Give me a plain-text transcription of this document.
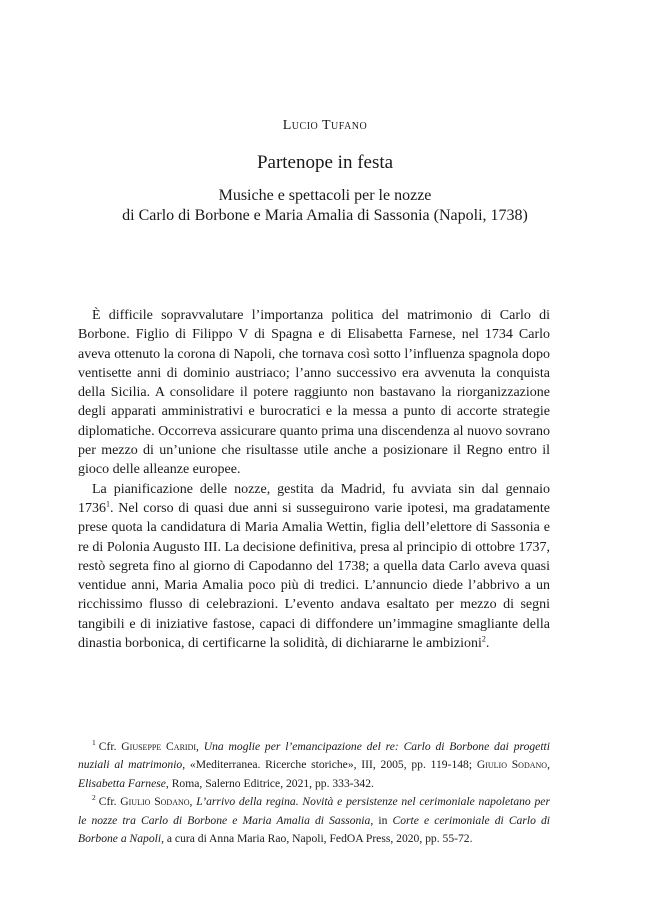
Lucio Tufano
Partenope in festa
Musiche e spettacoli per le nozze
di Carlo di Borbone e Maria Amalia di Sassonia (Napoli, 1738)

È difficile sopravvalutare l’importanza politica del matrimonio di Carlo di Borbone. Figlio di Filippo V di Spagna e di Elisabetta Farnese, nel 1734 Carlo aveva ottenuto la corona di Napoli, che tornava così sotto l’influenza spagnola dopo ventisette anni di dominio austriaco; l’anno successivo era avvenuta la conquista della Sicilia. A consolidare il potere raggiunto non bastavano la riorganizzazione degli apparati amministrativi e burocratici e la messa a punto di accorte strategie diplomatiche. Occorreva assicurare quanto prima una discendenza al nuovo sovrano per mezzo di un’unione che risultasse utile anche a posizionare il Regno entro il gioco delle alleanze europee.

La pianificazione delle nozze, gestita da Madrid, fu avviata sin dal gennaio 1736$^1$. Nel corso di quasi due anni si susseguirono varie ipotesi, ma gradatamente prese quota la candidatura di Maria Amalia Wettin, figlia dell’elettore di Sassonia e re di Polonia Augusto III. La decisione definitiva, presa al principio di ottobre 1737, restò segreta fino al giorno di Capodanno del 1738; a quella data Carlo aveva quasi ventidue anni, Maria Amalia poco più di tredici. L’annuncio diede l’abbrivo a un ricchissimo flusso di celebrazioni. L’evento andava esaltato per mezzo di segni tangibili e di iniziative fastose, capaci di diffondere un’immagine smagliante della dinastia borbonica, di certificarne la solidità, di dichiararne le ambizioni$^2$.

$^1$ Cfr. Giuseppe Caridi, Una moglie per l’emancipazione del re: Carlo di Borbone dai progetti nuziali al matrimonio, «Mediterranea. Ricerche storiche», III, 2005, pp. 119-148; Giulio Sodano, Elisabetta Farnese, Roma, Salerno Editrice, 2021, pp. 333-342.

$^2$ Cfr. Giulio Sodano, L’arrivo della regina. Novità e persistenze nel cerimoniale napoletano per le nozze tra Carlo di Borbone e Maria Amalia di Sassonia, in Corte e cerimoniale di Carlo di Borbone a Napoli, a cura di Anna Maria Rao, Napoli, FedOA Press, 2020, pp. 55-72.
